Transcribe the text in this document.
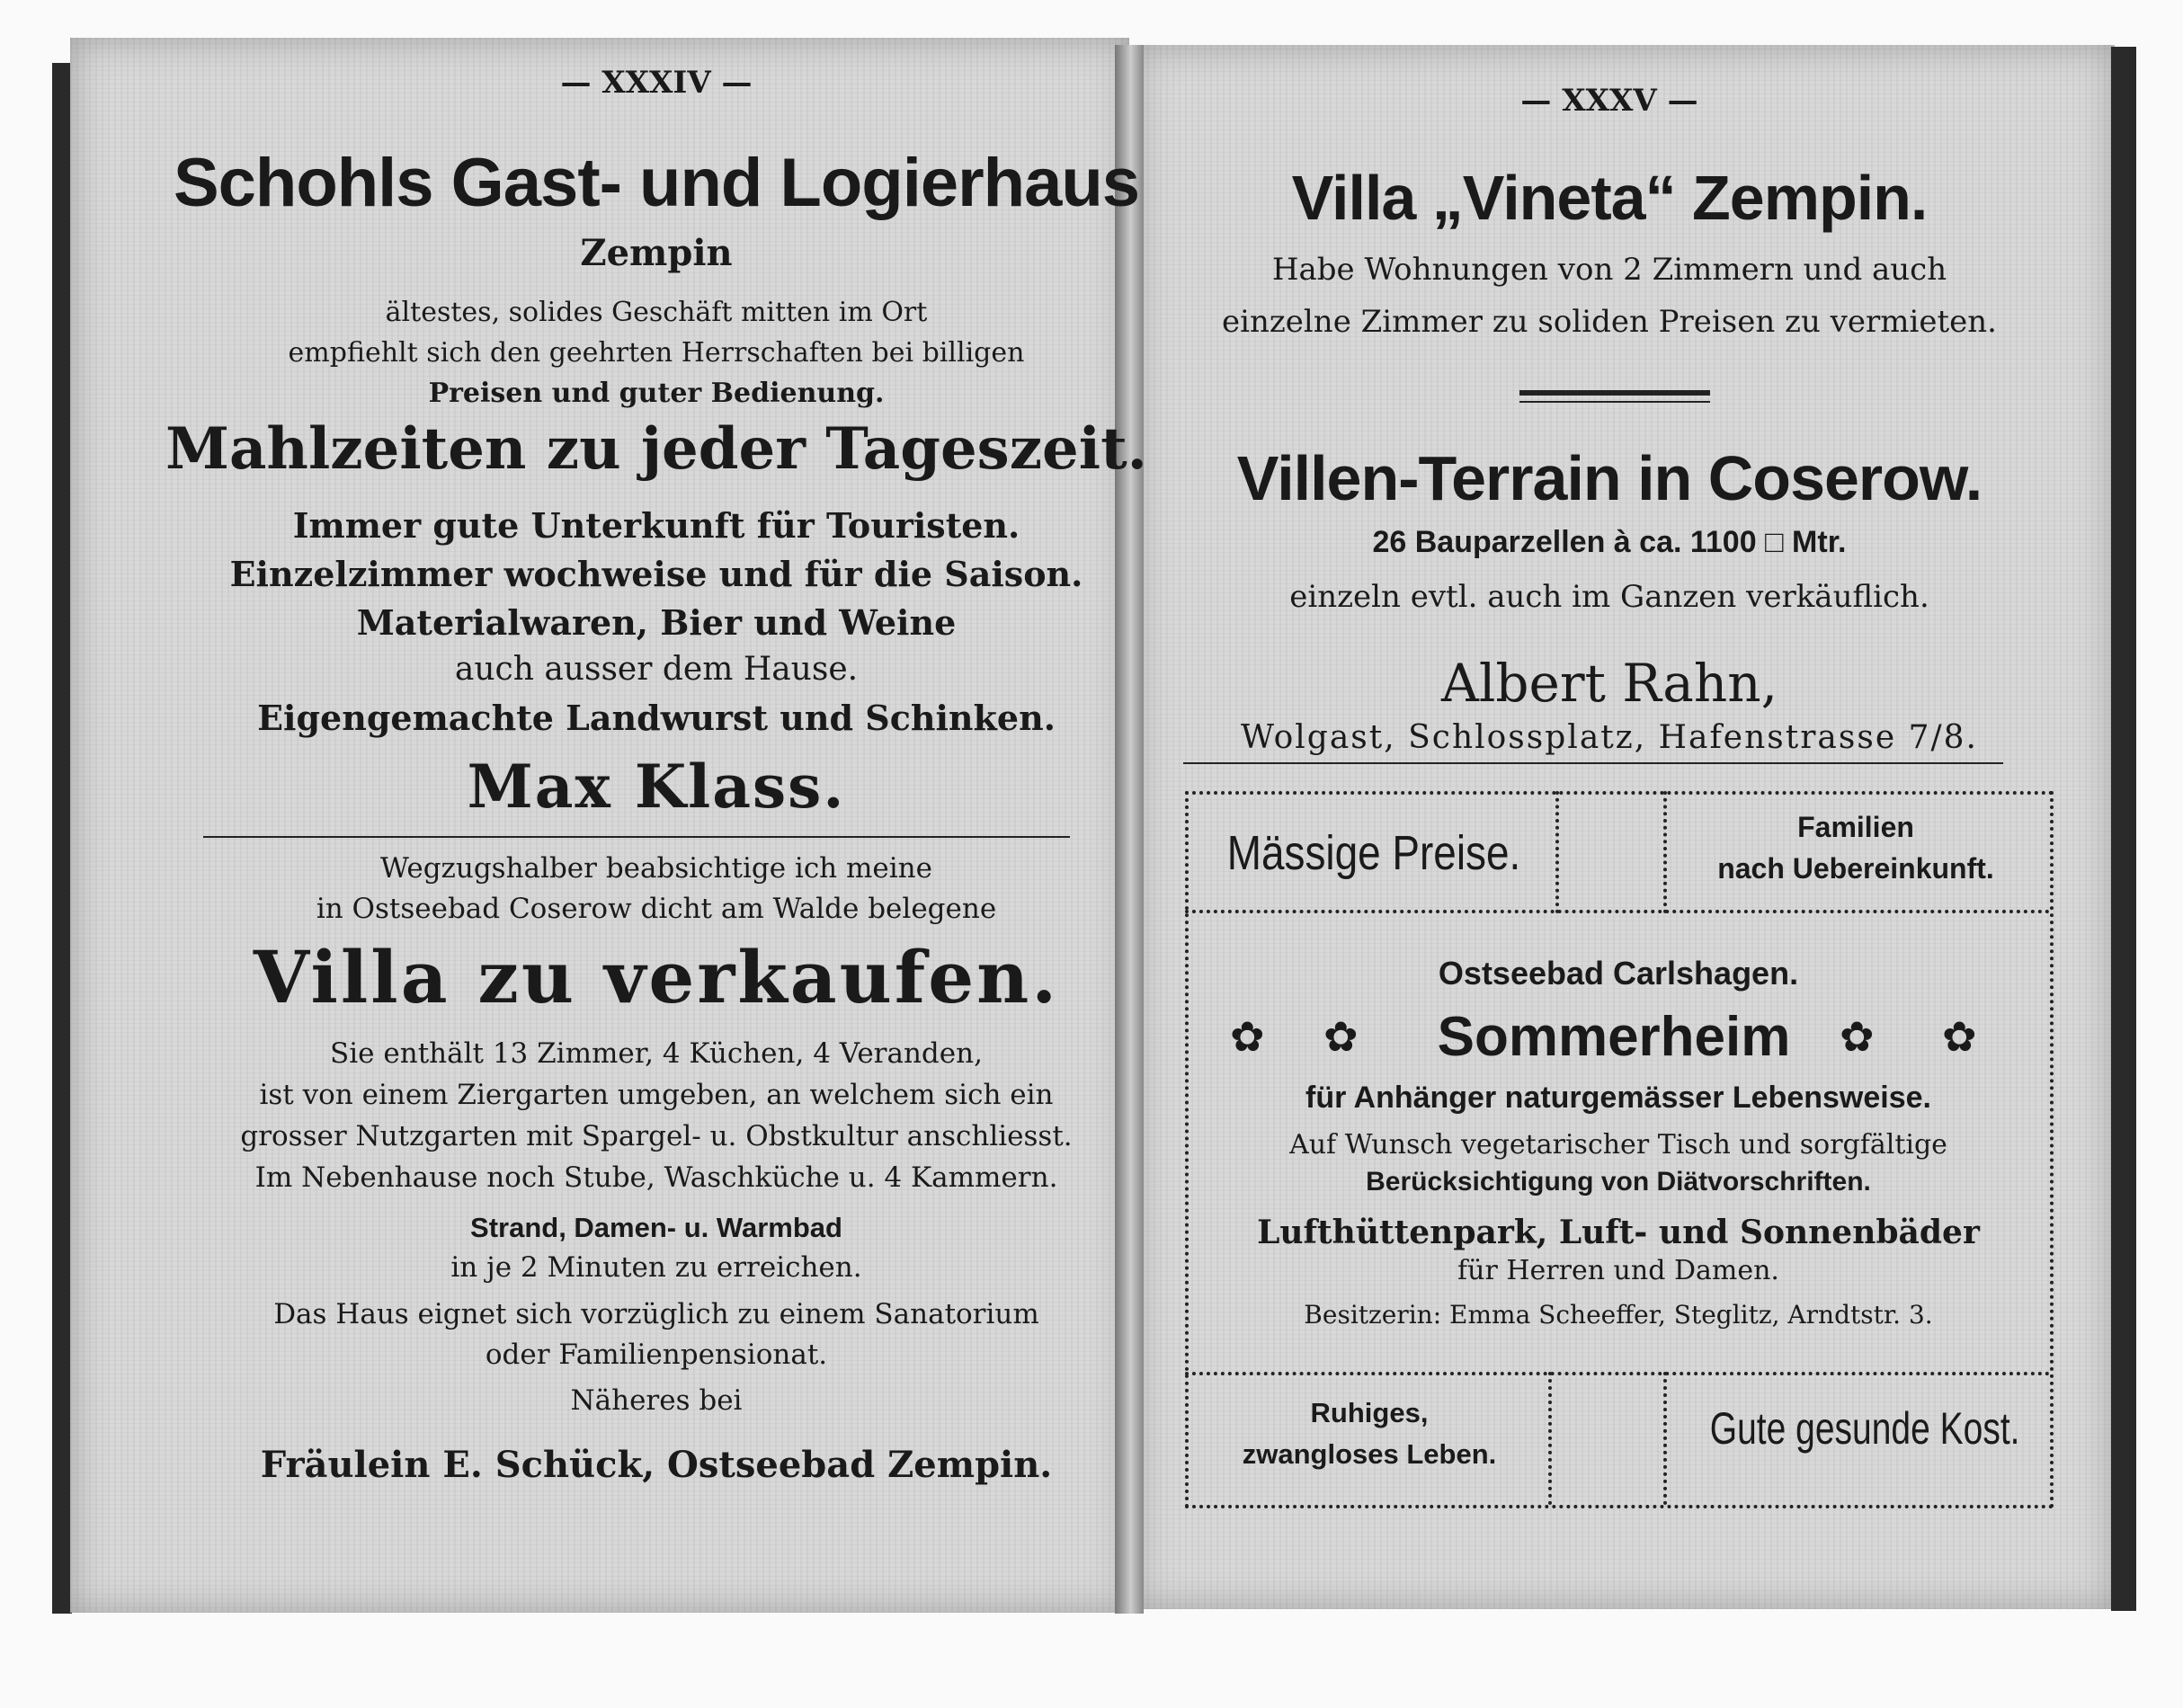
— XXXIV —
Schohls Gast- und Logierhaus
Zempin
ältestes, solides Geschäft mitten im Ort
empfiehlt sich den geehrten Herrschaften bei billigen
Preisen und guter Bedienung.
Mahlzeiten zu jeder Tageszeit.
Immer gute Unterkunft für Touristen.
Einzelzimmer wochweise und für die Saison.
Materialwaren, Bier und Weine
auch ausser dem Hause.
Eigengemachte Landwurst und Schinken.
Max Klass.
Wegzugshalber beabsichtige ich meine
in Ostseebad Coserow dicht am Walde belegene
Villa zu verkaufen.
Sie enthält 13 Zimmer, 4 Küchen, 4 Veranden,
ist von einem Ziergarten umgeben, an welchem sich ein
grosser Nutzgarten mit Spargel- u. Obstkultur anschliesst.
Im Nebenhause noch Stube, Waschküche u. 4 Kammern.
Strand, Damen- u. Warmbad
in je 2 Minuten zu erreichen.
Das Haus eignet sich vorzüglich zu einem Sanatorium
oder Familienpensionat.
Näheres bei
Fräulein E. Schück, Ostseebad Zempin.
— XXXV —
Villa „Vineta“ Zempin.
Habe Wohnungen von 2 Zimmern und auch
einzelne Zimmer zu soliden Preisen zu vermieten.
Villen-Terrain in Coserow.
26 Bauparzellen à ca. 1100 □ Mtr.
einzeln evtl. auch im Ganzen verkäuflich.
Albert Rahn,
Wolgast, Schlossplatz, Hafenstrasse 7/8.
Mässige Preise.	Familien
nach Uebereinkunft.
Ostseebad Carlshagen.
✿ ✿	Sommerheim	✿ ✿
für Anhänger naturgemässer Lebensweise.
Auf Wunsch vegetarischer Tisch und sorgfältige
Berücksichtigung von Diätvorschriften.
Lufthüttenpark, Luft- und Sonnenbäder
für Herren und Damen.
Besitzerin: Emma Scheeffer, Steglitz, Arndtstr. 3.
Ruhiges,
zwangloses Leben.
Gute gesunde Kost.
